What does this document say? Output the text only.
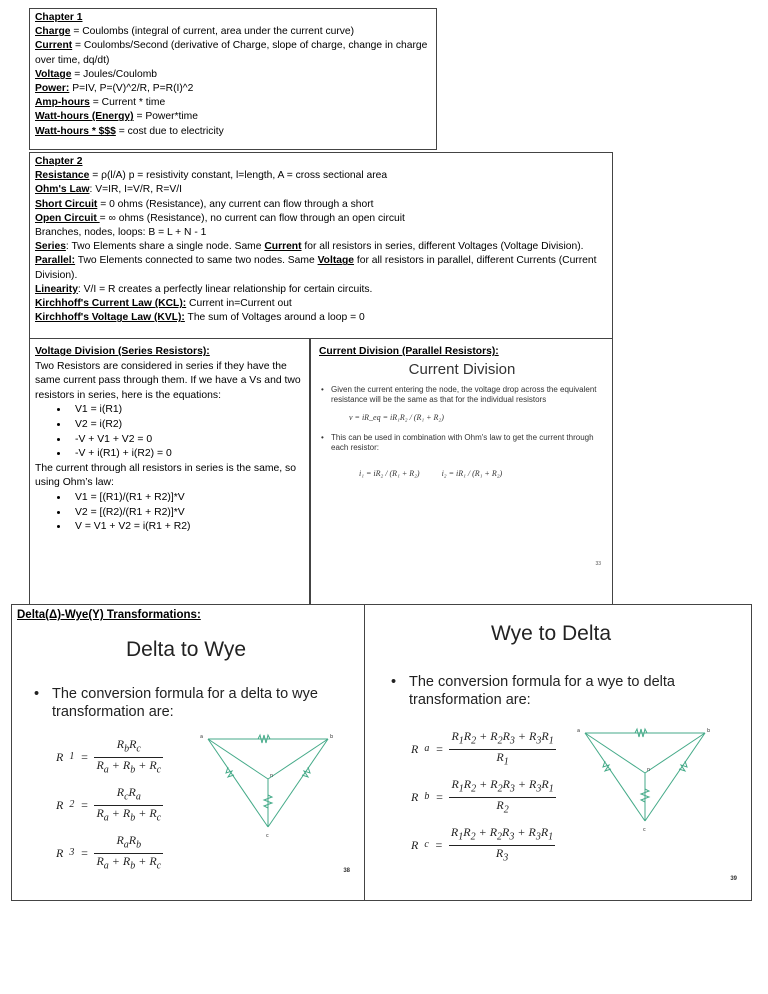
Chapter 1
Charge = Coulombs (integral of current, area under the current curve)
Current = Coulombs/Second (derivative of Charge, slope of charge, change in charge over time, dq/dt)
Voltage = Joules/Coulomb
Power: P=IV, P=(V)^2/R, P=R(I)^2
Amp-hours = Current * time
Watt-hours (Energy) = Power*time
Watt-hours * $$$ = cost due to electricity
Chapter 2
Resistance = ρ(l/A) p = resistivity constant, l=length, A = cross sectional area
Ohm's Law: V=IR, I=V/R, R=V/I
Short Circuit = 0 ohms (Resistance), any current can flow through a short
Open Circuit = ∞ ohms (Resistance), no current can flow through an open circuit
Branches, nodes, loops: B = L + N - 1
Series: Two Elements share a single node. Same Current for all resistors in series, different Voltages (Voltage Division).
Parallel: Two Elements connected to same two nodes. Same Voltage for all resistors in parallel, different Currents (Current Division).
Linearity: V/I = R creates a perfectly linear relationship for certain circuits.
Kirchhoff's Current Law (KCL): Current in=Current out
Kirchhoff's Voltage Law (KVL): The sum of Voltages around a loop = 0
Voltage Division (Series Resistors):
Two Resistors are considered in series if they have the same current pass through them. If we have a Vs and two resistors in series, here is the equations:
• V1 = i(R1)
• V2 = i(R2)
• -V + V1 + V2 = 0
• -V + i(R1) + i(R2) = 0
The current through all resistors in series is the same, so using Ohm’s law:
• V1 = [(R1)/(R1 + R2)]*V
• V2 = [(R2)/(R1 + R2)]*V
• V = V1 + V2 = i(R1 + R2)
Current Division (Parallel Resistors):
Current Division
• Given the current entering the node, the voltage drop across the equivalent resistance will be the same as that for the individual resistors
v = iR_eq = iR₁R₂ / (R₁ + R₂)
• This can be used in combination with Ohm's law to get the current through each resistor:
i₁ = iR₂ / (R₁ + R₂)	i₂ = iR₁ / (R₁ + R₂)
33
Delta(Δ)-Wye(Y) Transformations:
Delta to Wye
• The conversion formula for a delta to wye transformation are:
R $1 = \frac{R_bR_c}{R_a + R_b + R_c}$
R $2 = \frac{R_cR_a}{R_a + R_b + R_c}$
R $3 = \frac{R_aR_b}{R_a + R_b + R_c}$
a	b
c
n
38
Wye to Delta
• The conversion formula for a wye to delta transformation are:
R $a = \frac{R_1R_2 + R_2R_3 + R_3R_1}{R_1}$
R $b = \frac{R_1R_2 + R_2R_3 + R_3R_1}{R_2}$
R $c = \frac{R_1R_2 + R_2R_3 + R_3R_1}{R_3}$
a	b
c
n
39
